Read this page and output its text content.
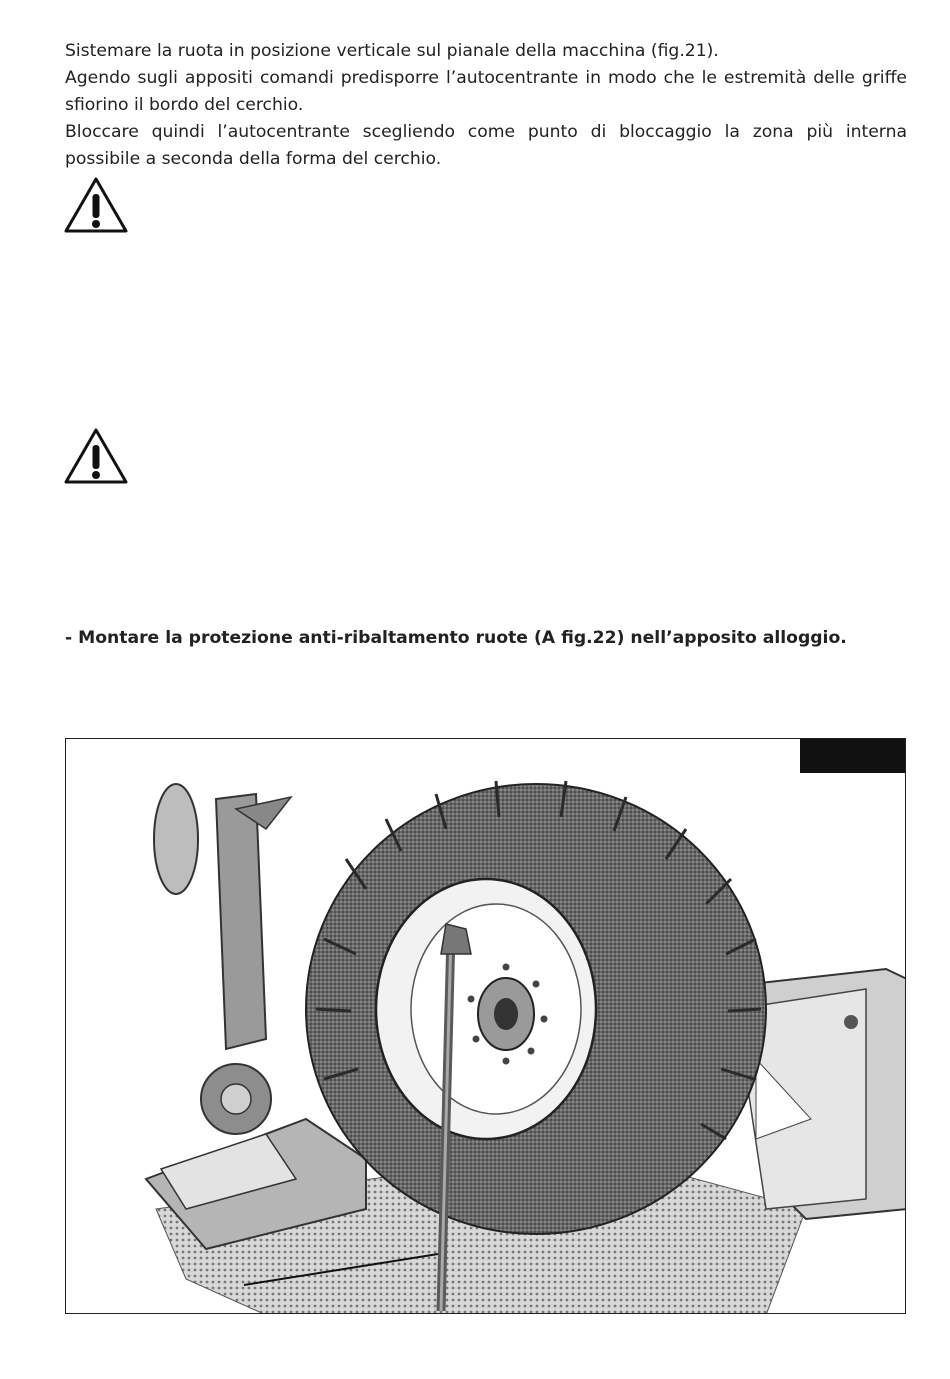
Sistemare la ruota in posizione verticale sul pianale della macchina (fig.21).
Agendo sugli appositi comandi predisporre l’autocentrante in modo che le estremità delle griffe sfiorino il bordo del cerchio.
Bloccare quindi l’autocentrante scegliendo come punto di bloccaggio la zona più interna possibile a seconda della forma del cerchio.
- Montare la protezione anti-ribaltamento ruote (A fig.22) nell’apposito alloggio.
